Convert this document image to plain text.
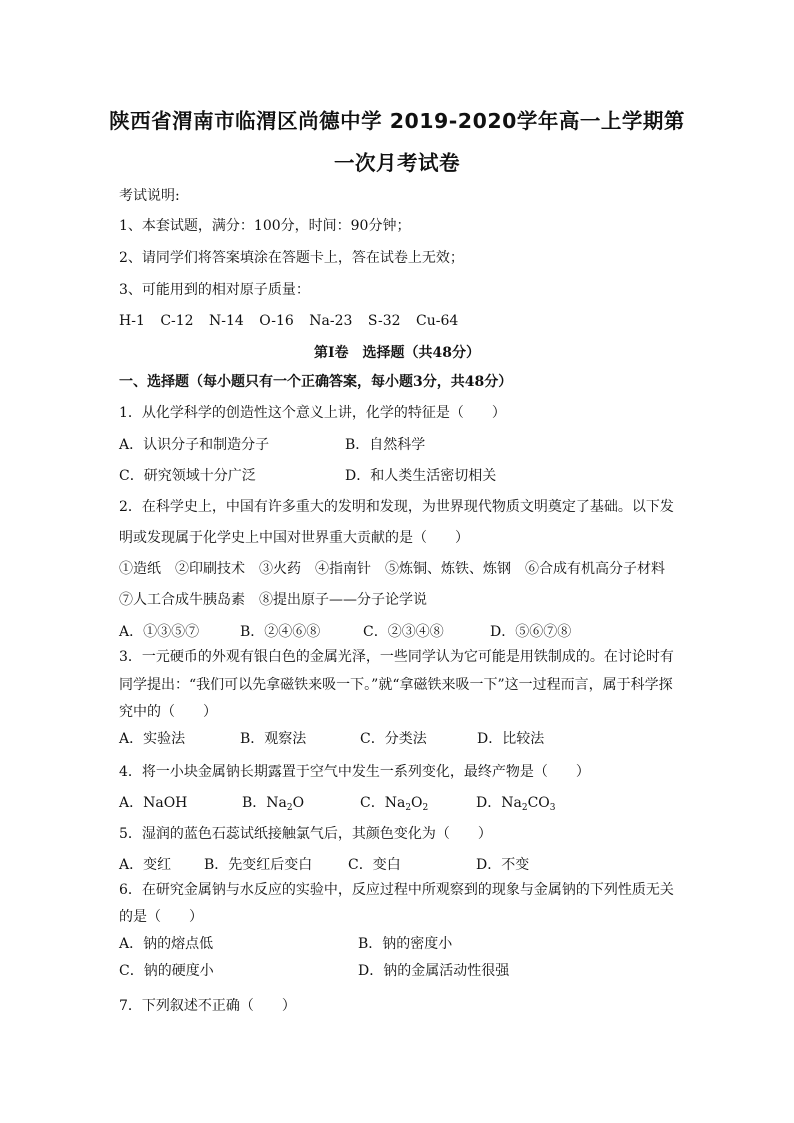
陕西省渭南市临渭区尚德中学 2019-2020学年高一上学期第
一次月考试卷
考试说明:
1、本套试题，满分：100分，时间：90分钟；
2、请同学们将答案填涂在答题卡上，答在试卷上无效；
3、可能用到的相对原子质量：
H-1 C-12 N-14 O-16 Na-23 S-32 Cu-64
第Ⅰ卷　选择题（共48分）
一、选择题（每小题只有一个正确答案，每小题3分，共48分）
1．从化学科学的创造性这个意义上讲，化学的特征是（　　）
A．认识分子和制造分子	B．自然科学
C．研究领域十分广泛	D．和人类生活密切相关
2．在科学史上，中国有许多重大的发明和发现，为世界现代物质文明奠定了基础。以下发
明或发现属于化学史上中国对世界重大贡献的是（　　）
①造纸　②印刷技术　③火药　④指南针　⑤炼铜、炼铁、炼钢　⑥合成有机高分子材料
⑦人工合成牛胰岛素　⑧提出原子——分子论学说
A．①③⑤⑦	B．②④⑥⑧	C．②③④⑧	D．⑤⑥⑦⑧
3．一元硬币的外观有银白色的金属光泽，一些同学认为它可能是用铁制成的。在讨论时有
同学提出：“我们可以先拿磁铁来吸一下。”就“拿磁铁来吸一下”这一过程而言，属于科学探
究中的（　　）
A．实验法	B．观察法	C．分类法	D．比较法
4．将一小块金属钠长期露置于空气中发生一系列变化，最终产物是（　　）
A．NaOH	B．$Na_2O$	C．$Na_2O_2$	D．$Na_2CO_3$
5．湿润的蓝色石蕊试纸接触氯气后，其颜色变化为（　　）
A．变红 B．先变红后变白	C．变白	D．不变
6．在研究金属钠与水反应的实验中，反应过程中所观察到的现象与金属钠的下列性质无关
的是（　　）
A．钠的熔点低	B．钠的密度小
C．钠的硬度小	D．钠的金属活动性很强
7．下列叙述不正确（　　）
